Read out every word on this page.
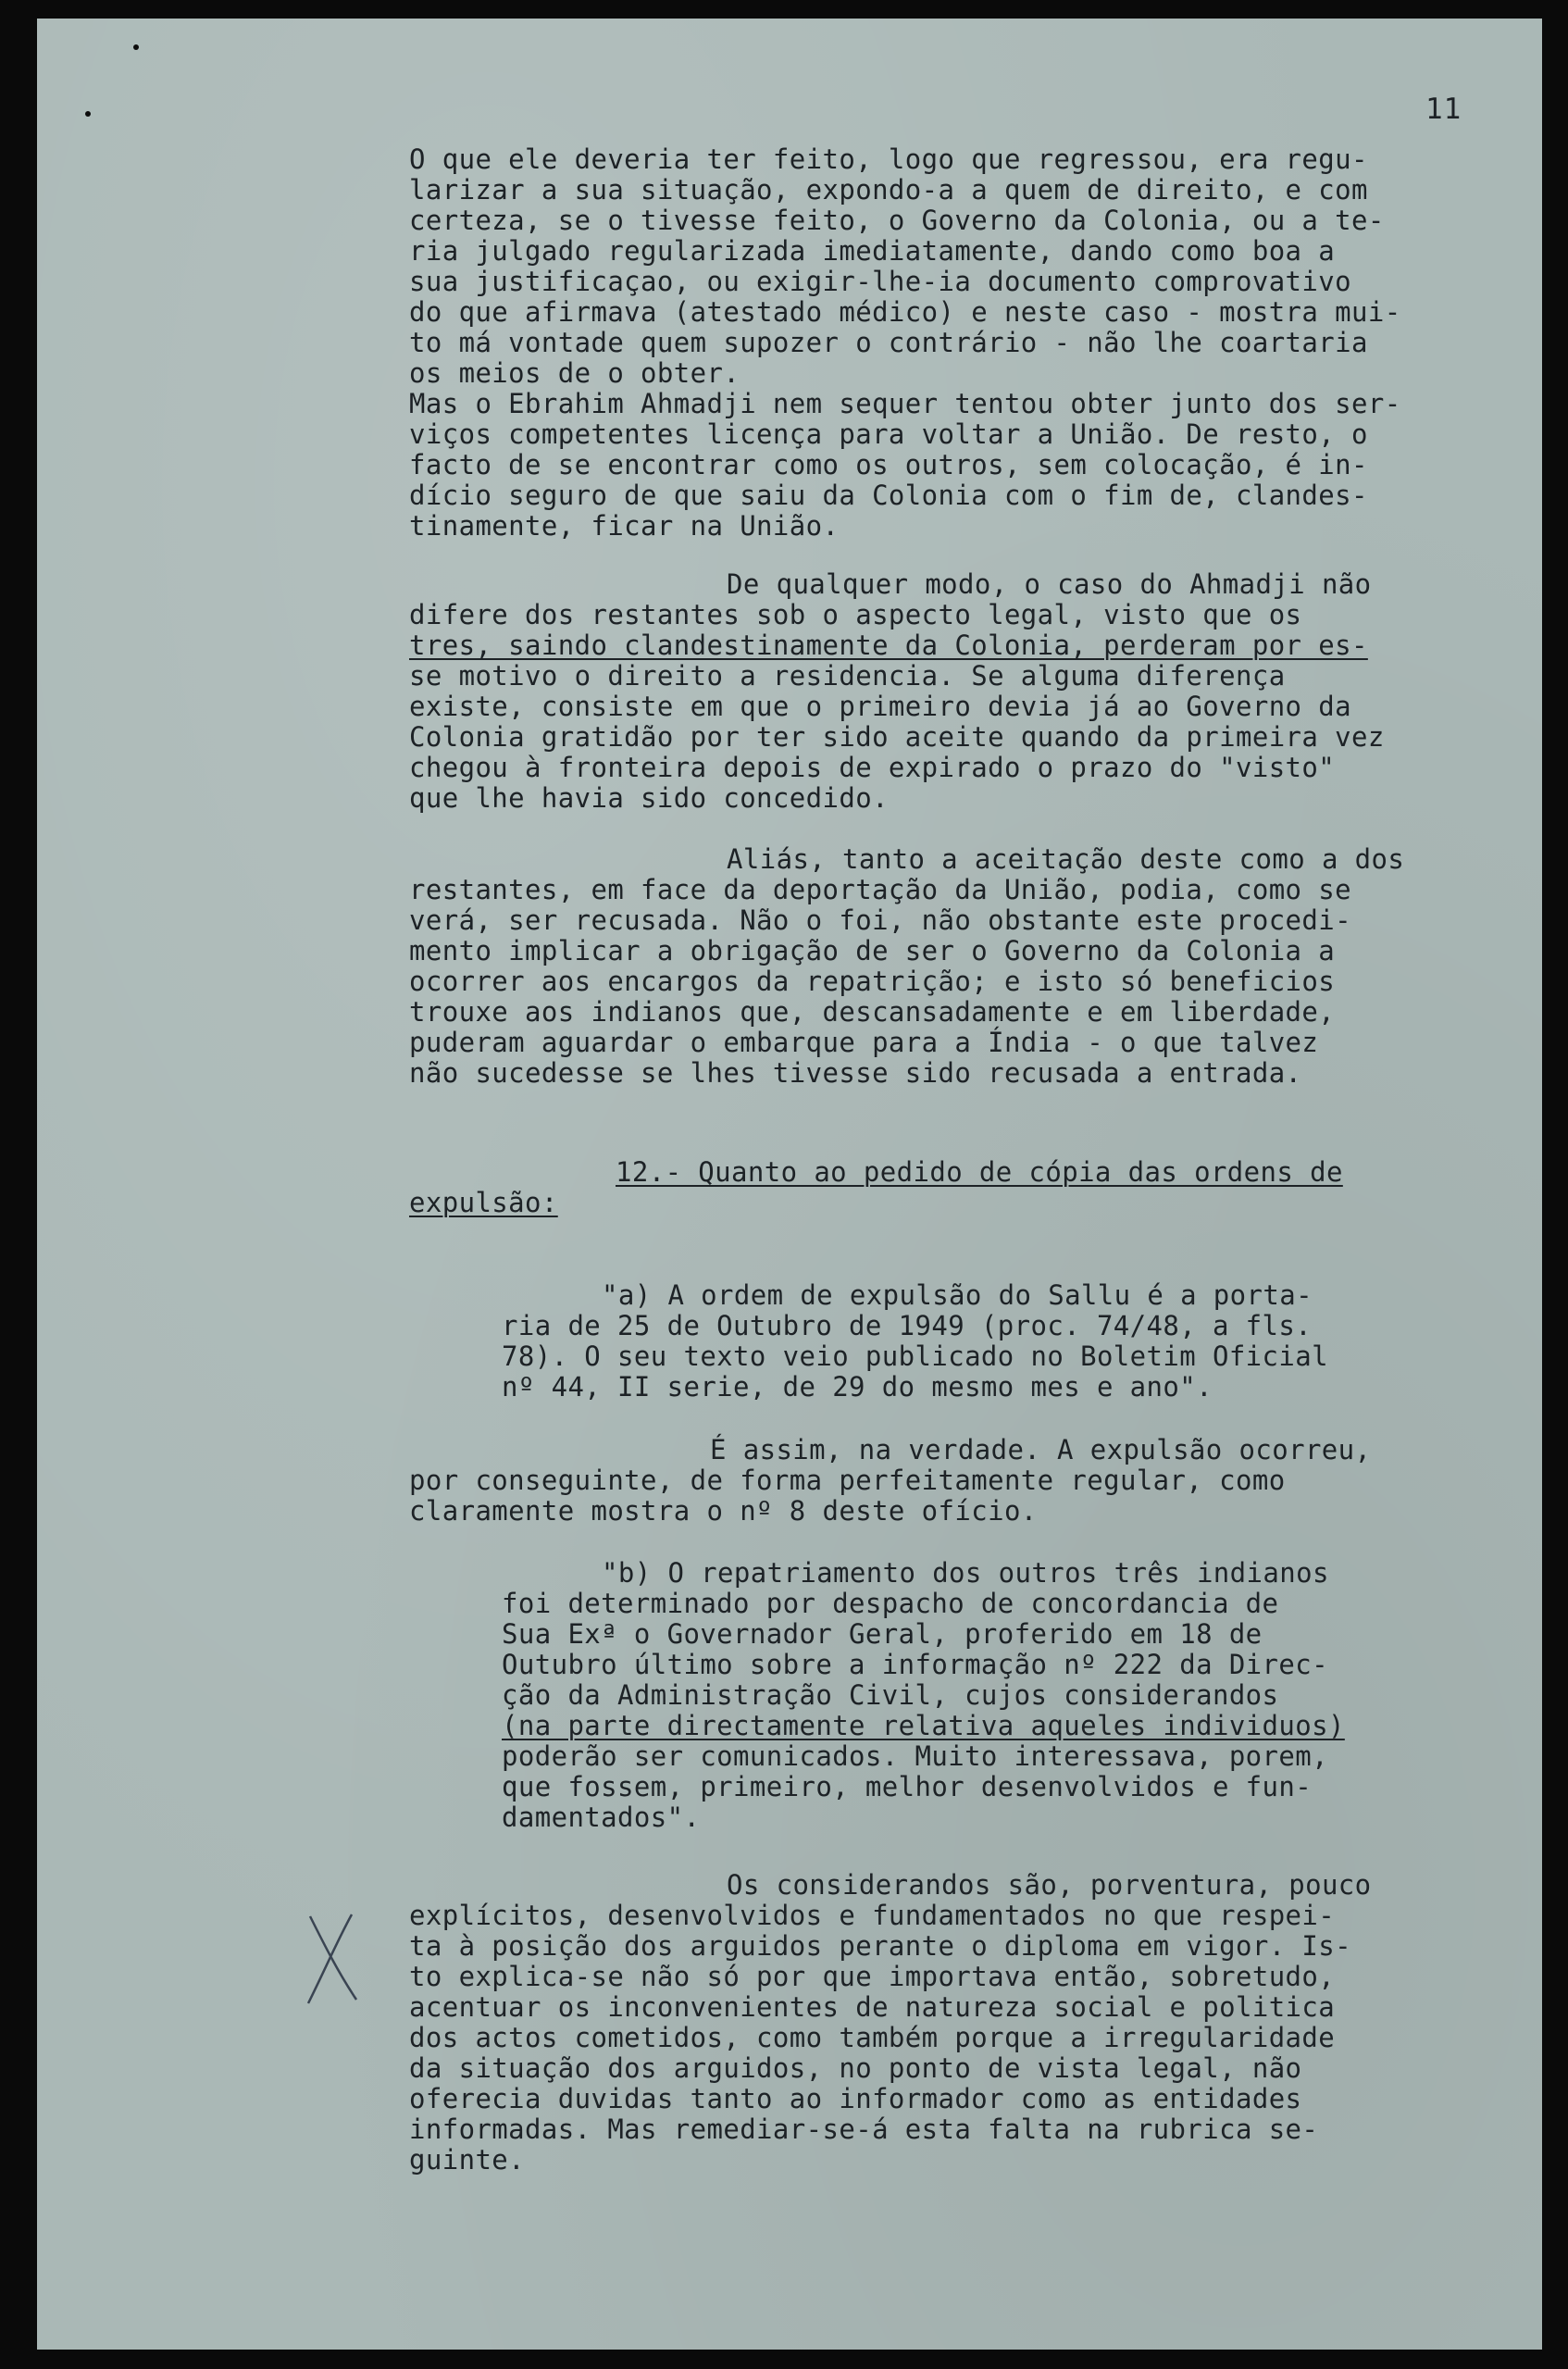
11
O que ele deveria ter feito, logo que regressou, era regu-
larizar a sua situação, expondo-a a quem de direito, e com
certeza, se o tivesse feito, o Governo da Colonia, ou a te-
ria julgado regularizada imediatamente, dando como boa a
sua justificaçao, ou exigir-lhe-ia documento comprovativo
do que afirmava (atestado médico) e neste caso - mostra mui-
to má vontade quem supozer o contrário - não lhe coartaria
os meios de o obter.
Mas o Ebrahim Ahmadji nem sequer tentou obter junto dos ser-
viços competentes licença para voltar a União. De resto, o
facto de se encontrar como os outros, sem colocação, é in-
dício seguro de que saiu da Colonia com o fim de, clandes-
tinamente, ficar na União.
De qualquer modo, o caso do Ahmadji não
difere dos restantes sob o aspecto legal, visto que os
tres, saindo clandestinamente da Colonia, perderam por es-
se motivo o direito a residencia. Se alguma diferença
existe, consiste em que o primeiro devia já ao Governo da
Colonia gratidão por ter sido aceite quando da primeira vez
chegou à fronteira depois de expirado o prazo do "visto"
que lhe havia sido concedido.
Aliás, tanto a aceitação deste como a dos
restantes, em face da deportação da União, podia, como se
verá, ser recusada. Não o foi, não obstante este procedi-
mento implicar a obrigação de ser o Governo da Colonia a
ocorrer aos encargos da repatrição; e isto só beneficios
trouxe aos indianos que, descansadamente e em liberdade,
puderam aguardar o embarque para a Índia - o que talvez
não sucedesse se lhes tivesse sido recusada a entrada.
12.- Quanto ao pedido de cópia das ordens de
expulsão:
"a) A ordem de expulsão do Sallu é a porta-
ria de 25 de Outubro de 1949 (proc. 74/48, a fls.
78). O seu texto veio publicado no Boletim Oficial
nº 44, II serie, de 29 do mesmo mes e ano".
É assim, na verdade. A expulsão ocorreu,
por conseguinte, de forma perfeitamente regular, como
claramente mostra o nº 8 deste ofício.
"b) O repatriamento dos outros três indianos
foi determinado por despacho de concordancia de
Sua Exª o Governador Geral, proferido em 18 de
Outubro último sobre a informação nº 222 da Direc-
ção da Administração Civil, cujos considerandos
(na parte directamente relativa aqueles individuos)
poderão ser comunicados. Muito interessava, porem,
que fossem, primeiro, melhor desenvolvidos e fun-
damentados".
Os considerandos são, porventura, pouco
explícitos, desenvolvidos e fundamentados no que respei-
ta à posição dos arguidos perante o diploma em vigor. Is-
to explica-se não só por que importava então, sobretudo,
acentuar os inconvenientes de natureza social e politica
dos actos cometidos, como também porque a irregularidade
da situação dos arguidos, no ponto de vista legal, não
oferecia duvidas tanto ao informador como as entidades
informadas. Mas remediar-se-á esta falta na rubrica se-
guinte.
